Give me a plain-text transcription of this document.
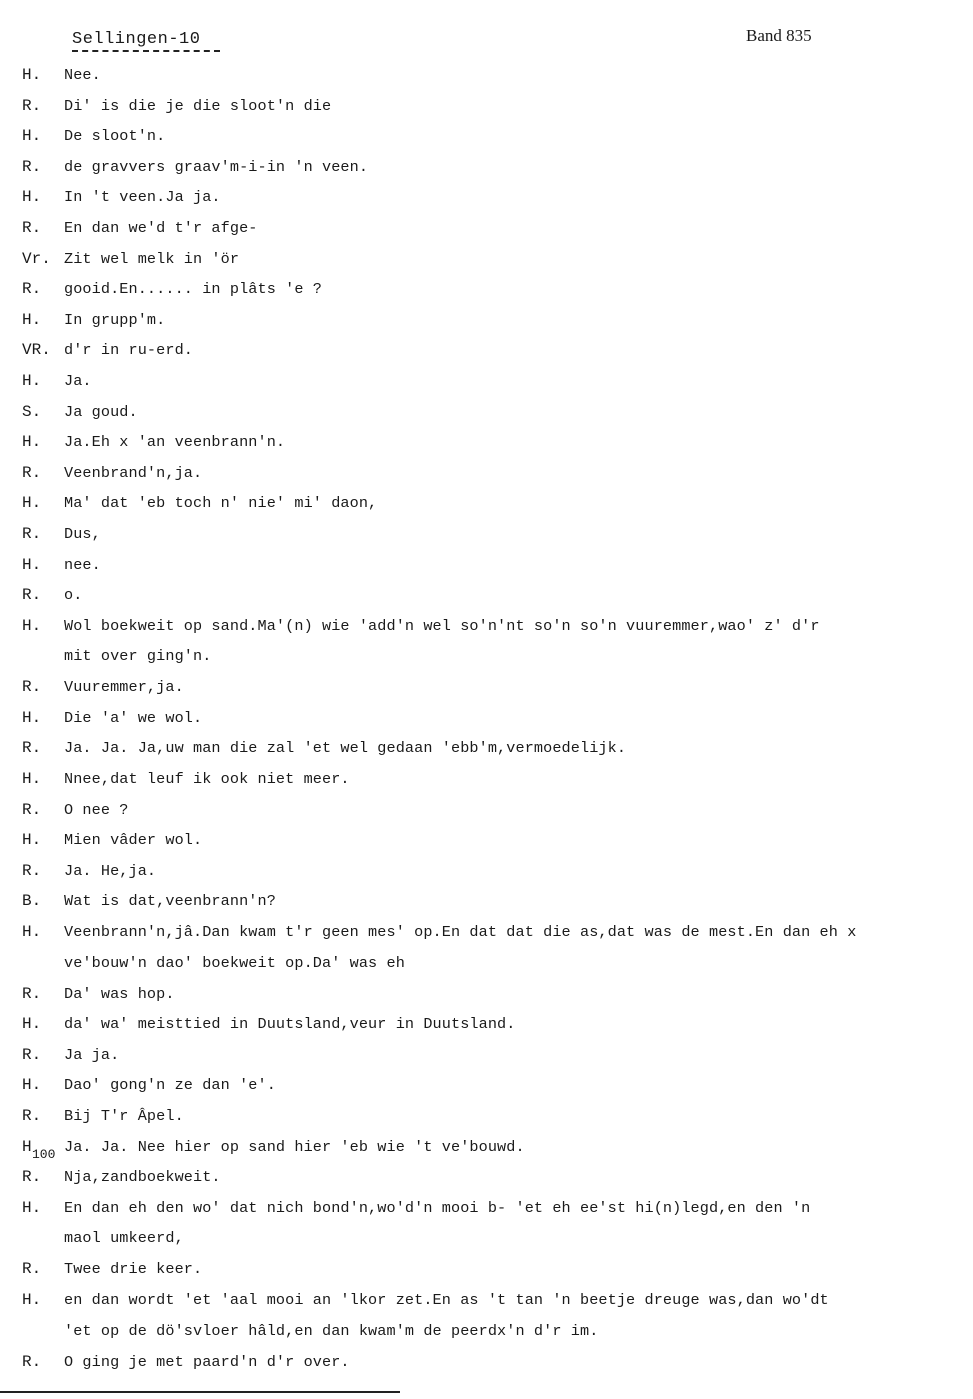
Sellingen-10	Band 835
H.	Nee.
R.	Di' is die je die sloot'n die
H.	De sloot'n.
R.	de gravvers graav'm-i-in 'n veen.
H.	In 't veen.Ja ja.
R.	En dan we'd t'r afge-
Vr. Zit wel melk in 'ör
R.	gooid.En...... in plâts 'e ?
H.	In grupp'm.
VR. d'r in ru-erd.
H.	Ja.
S.	Ja goud.
H.	Ja.Eh x 'an veenbrann'n.
R.	Veenbrand'n,ja.
H.	Ma' dat 'eb toch n' nie' mi' daon,
R.	Dus,
H.	nee.
R.	o.
H.	Wol boekweit op sand.Ma'(n) wie 'add'n wel so'n'nt so'n so'n vuuremmer,wao' z' d'r
mit over ging'n.
R.	Vuuremmer,ja.
H.	Die 'a' we wol.
R.	Ja. Ja. Ja,uw man die zal 'et wel gedaan 'ebb'm,vermoedelijk.
H.	Nnee,dat leuf ik ook niet meer.
R.	O nee ?
H.	Mien vâder wol.
R.	Ja. He,ja.
B.	Wat is dat,veenbrann'n?
H.	Veenbrann'n,jâ.Dan kwam t'r geen mes' op.En dat dat die as,dat was de mest.En dan eh x
ve'bouw'n dao' boekweit op.Da' was eh
R.	Da' was hop.
H.	da' wa' meisttied in Duutsland,veur in Duutsland.
R.	Ja ja.
H.	Dao' gong'n ze dan 'e'.
R.	Bij T'r Âpel.
H 100 Ja. Ja. Nee hier op sand hier 'eb wie 't ve'bouwd.
R.	Nja,zandboekweit.
H.	En dan eh den wo' dat nich bond'n,wo'd'n mooi b- 'et eh ee'st hi(n)legd,en den 'n
maol umkeerd,
R.	Twee drie keer.
H.	en dan wordt 'et 'aal mooi an 'lkor zet.En as 't tan 'n beetje dreuge was,dan wo'dt
'et op de dö'svloer hâld,en dan kwam'm de peerdx'n d'r im.
R.	O ging je met paard'n d'r over.
